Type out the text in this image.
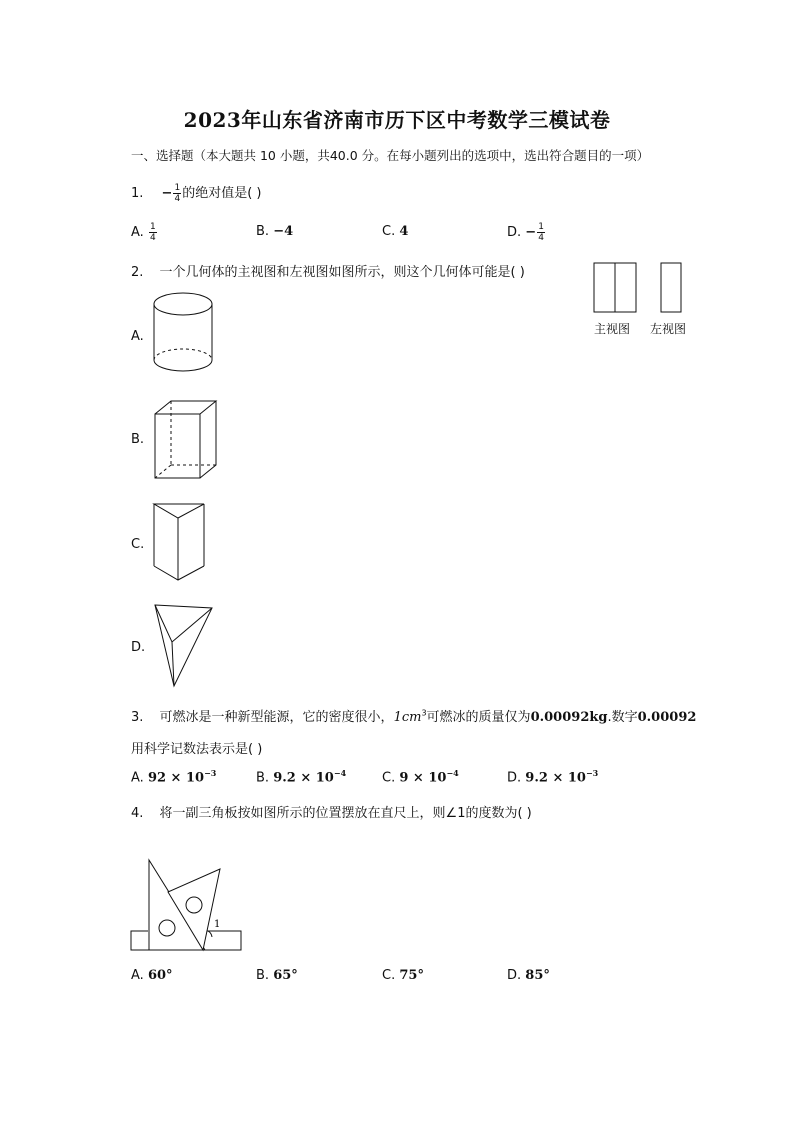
2023年山东省济南市历下区中考数学三模试卷
一、选择题（本大题共 10 小题，共40.0 分。在每小题列出的选项中，选出符合题目的一项）
1. − $\frac{1}{4}$ 的绝对值是( )
A. $\frac{1}{4}$	B. −4	C. 4	D. − $\frac{1}{4}$
2. 一个几何体的主视图和左视图如图所示，则这个几何体可能是( )
主视图 左视图
A.
B.
C.
D.
3. 可燃冰是一种新型能源，它的密度很小，$1cm^3$可燃冰的质量仅为0.00092kg.数字0.00092
用科学记数法表示是( )
A. $92 \times 10^{-3}$	B. $9.2 \times 10^{-4}$	C. $9 \times 10^{-4}$	D. $9.2 \times 10^{-3}$
4. 将一副三角板按如图所示的位置摆放在直尺上，则∠1的度数为( )
1
A. 60°	B. 65°	C. 75°	D. 85°
